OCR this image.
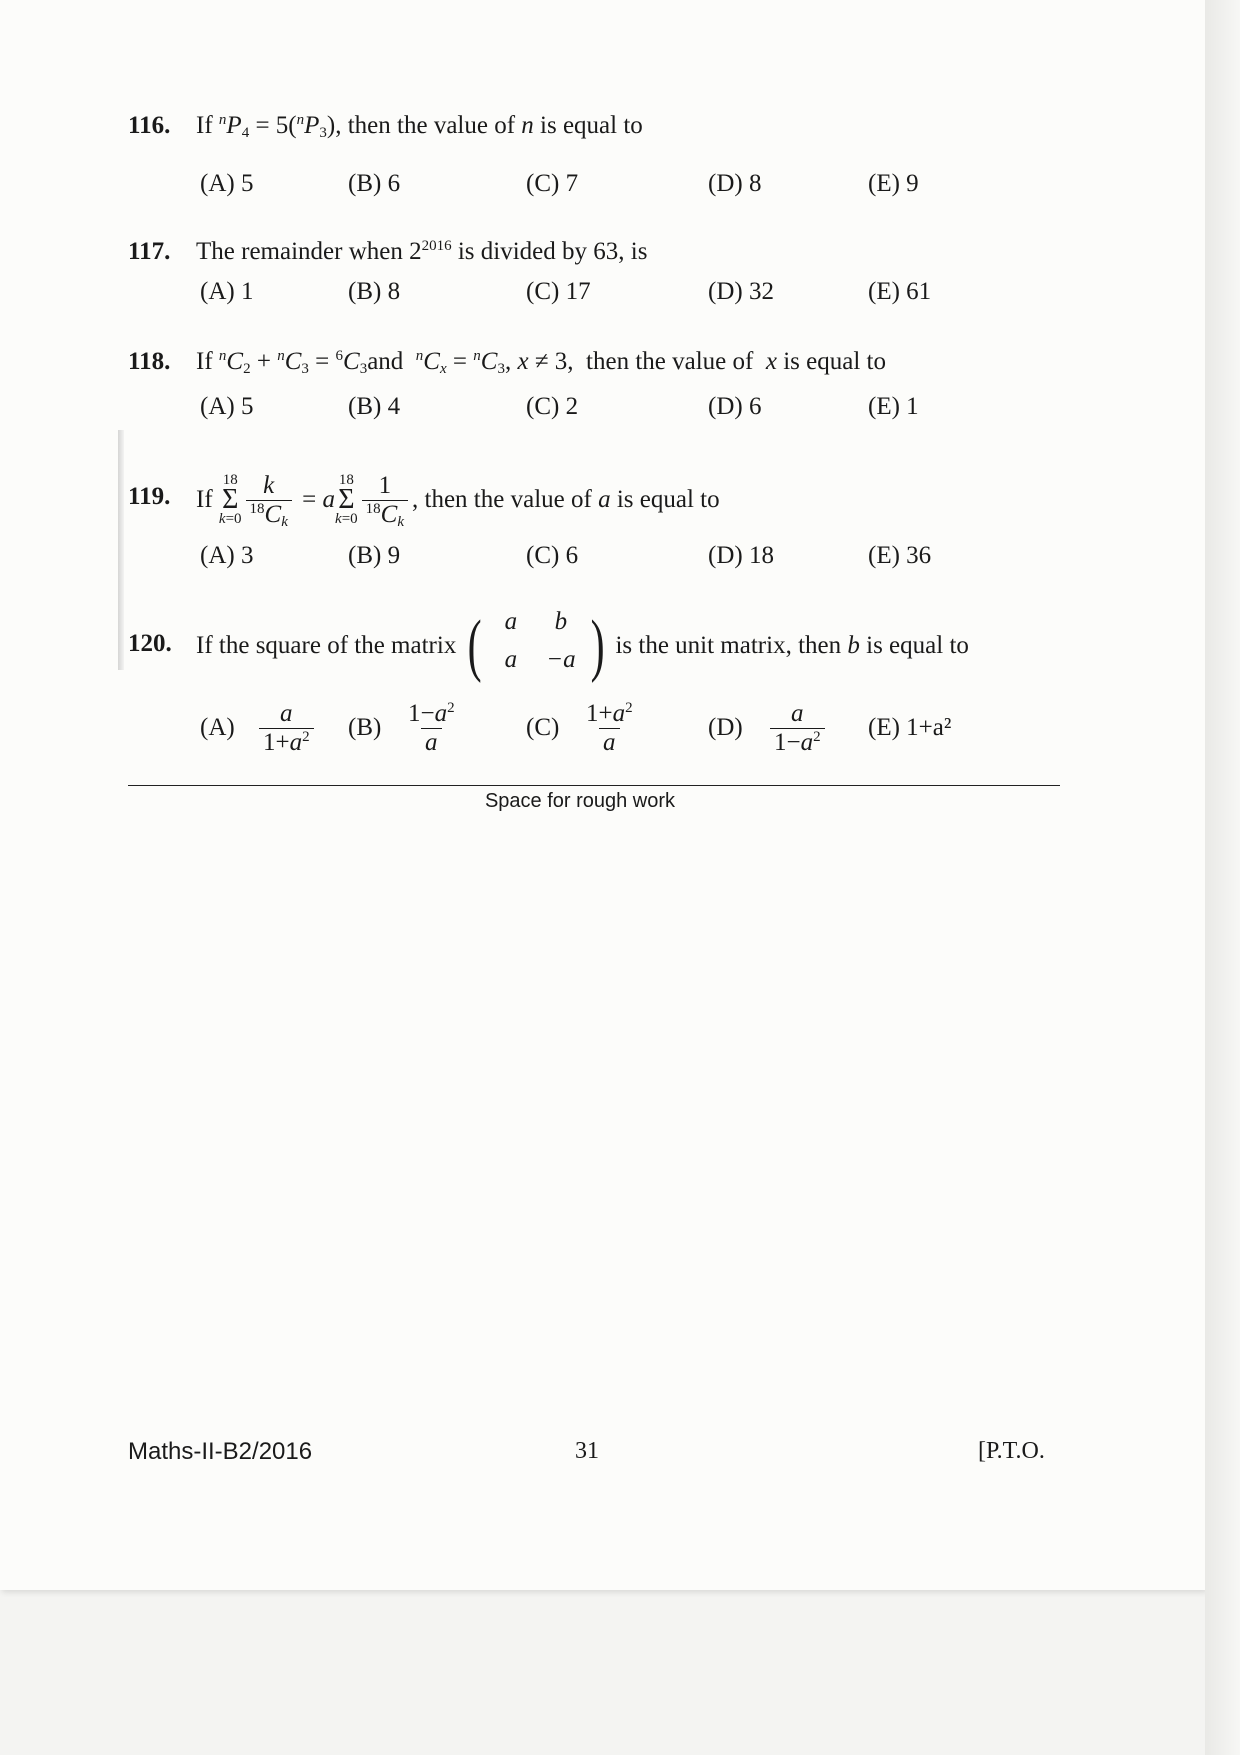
116. If $^nP_4 = 5(^nP_3)$, then the value of n is equal to
(A) 5	(B) 6	(C) 7	(D) 8	(E) 9
117. The remainder when $2^{2016}$ is divided by 63, is
(A) 1	(B) 8	(C) 17	(D) 32	(E) 61
118. If $^nC_2 + ^nC_3 = ^6C_3and$  $^nC_x = ^nC_3$, x ≠ 3,  then the value of  x is equal to
(A) 5	(B) 4	(C) 2	(D) 6	(E) 1
119. If

18
Σ
$k=0 \frac{k}{^{18}C_k} = a$
18
Σ
$k=0 \frac{1}{^{18}C_k}$ , then the value of a is equal to
(A) 3	(B) 9	(C) 6	(D) 18	(E) 36
120. If the square of the matrix
( a	b
a	−a )
is the unit matrix, then b is equal to
$(A) \frac{a}{1+a^2} (B) \frac{1-a^2}{a}$	$(C) \frac{1+a^2}{a}$	$(D) \frac{a}{1-a^2} (E)$ 1+a²
Space for rough work
Maths-II-B2/2016	31	[P.T.O.
